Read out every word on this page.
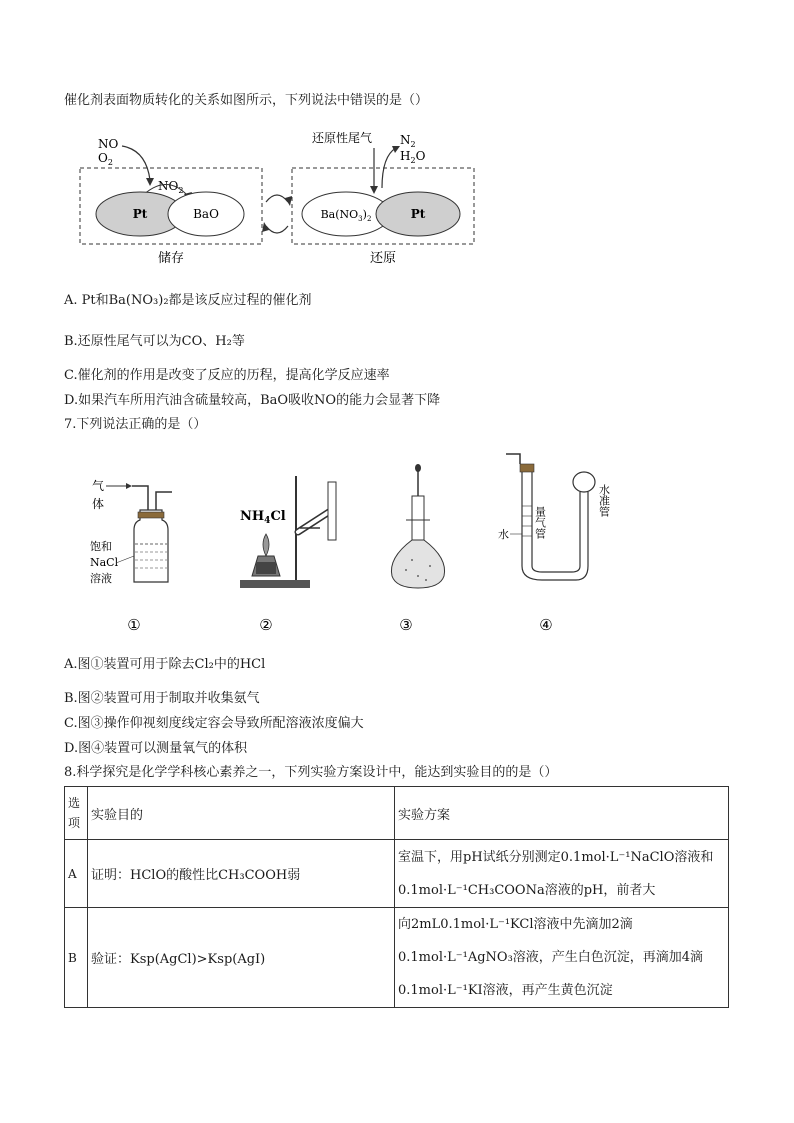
催化剂表面物质转化的关系如图所示，下列说法中错误的是（）
NO
$O_2$
$NO_2$
Pt	BaO	$Ba(NO_3)_2$	Pt
还原性尾气 $N_2$
$H_2O$
储存	还原
A. Pt和Ba(NO₃)₂都是该反应过程的催化剂
B.还原性尾气可以为CO、H₂等
C.催化剂的作用是改变了反应的历程，提高化学反应速率
D.如果汽车所用汽油含硫量较高，BaO吸收NO的能力会显著下降
7.下列说法正确的是（）
气
体
饱和
NaCl
溶液
$NH_4Cl$
水 量气管
水准管
①	②	③	④
A.图①装置可用于除去Cl₂中的HCl
B.图②装置可用于制取并收集氨气
C.图③操作仰视刻度线定容会导致所配溶液浓度偏大
D.图④装置可以测量氧气的体积
8.科学探究是化学学科核心素养之一，下列实验方案设计中，能达到实验目的的是（）
选
项	实验目的	实验方案
A	证明：HClO的酸性比CH₃COOH弱	室温下，用pH试纸分别测定0.1mol·L⁻¹NaClO溶液和
0.1mol·L⁻¹CH₃COONa溶液的pH，前者大

B	验证：Ksp(AgCl)>Ksp(AgI)	向2mL0.1mol·L⁻¹KCl溶液中先滴加2滴
0.1mol·L⁻¹AgNO₃溶液，产生白色沉淀，再滴加4滴
0.1mol·L⁻¹KI溶液，再产生黄色沉淀
